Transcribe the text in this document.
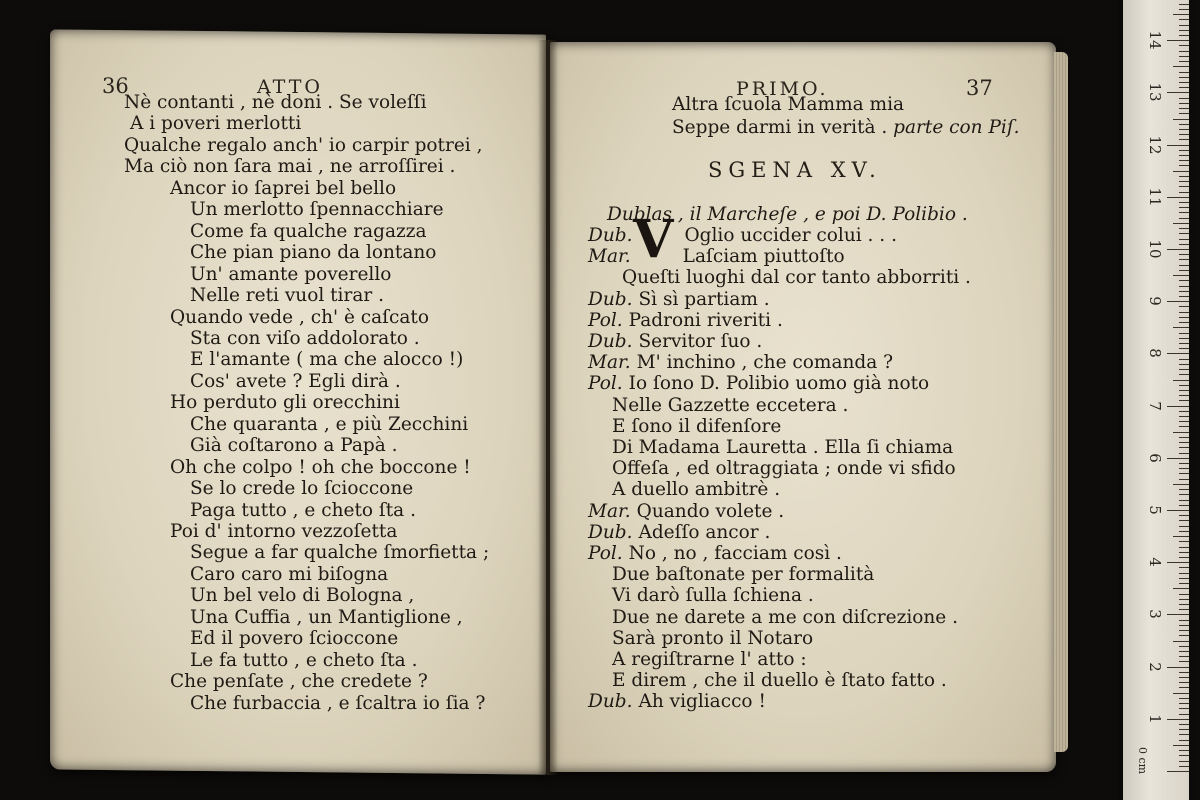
36	ATTO
Nè contanti , nè doni . Se voleſſi
A i poveri merlotti
Qualche regalo anch' io carpir potrei ,
Ma ciò non ſara mai , ne arroſſirei .
Ancor io ſaprei bel bello
Un merlotto ſpennacchiare
Come fa qualche ragazza
Che pian piano da lontano
Un' amante poverello
Nelle reti vuol tirar .
Quando vede , ch' è caſcato
Sta con viſo addolorato .
E l'amante ( ma che alocco !)
Cos' avete ? Egli dirà .
Ho perduto gli orecchini
Che quaranta , e più Zecchini
Già coſtarono a Papà .
Oh che colpo ! oh che boccone !
Se lo crede lo ſcioccone
Paga tutto , e cheto ſta .
Poi d' intorno vezzoſetta
Segue a far qualche ſmorfietta ;
Caro caro mi biſogna
Un bel velo di Bologna ,
Una Cuffia , un Mantiglione ,
Ed il povero ſcioccone
Le fa tutto , e cheto ſta .
Che penſate , che credete ?
Che furbaccia , e ſcaltra io ſia ?
PRIMO.	37
Altra ſcuola Mamma mia
Seppe darmi in verità . parte con Piſ.
SGENA XV.
Dublas , il Marcheſe , e poi D. Polibio .
V
Dub.	Oglio uccider colui . . .
Mar.	Laſciam piuttoſto
Queſti luoghi dal cor tanto abborriti .
Dub. Sì sì partiam .
Pol. Padroni riveriti .
Dub. Servitor ſuo .
Mar. M' inchino , che comanda ?
Pol. Io ſono D. Polibio uomo già noto
Nelle Gazzette eccetera .
E ſono il difenſore
Di Madama Lauretta . Ella ſi chiama
Offeſa , ed oltraggiata ; onde vi sfido
A duello ambitrè .
Mar. Quando volete .
Dub. Adeſſo ancor .
Pol. No , no , facciam così .
Due baſtonate per formalità
Vi darò ſulla ſchiena .
Due ne darete a me con diſcrezione .
Sarà pronto il Notaro
A regiſtrarne l' atto :
E direm , che il duello è ſtato fatto .
Dub. Ah vigliacco !
0 cm
14
13
12
11
10
9
8
7
6
5
4
3
2
1
